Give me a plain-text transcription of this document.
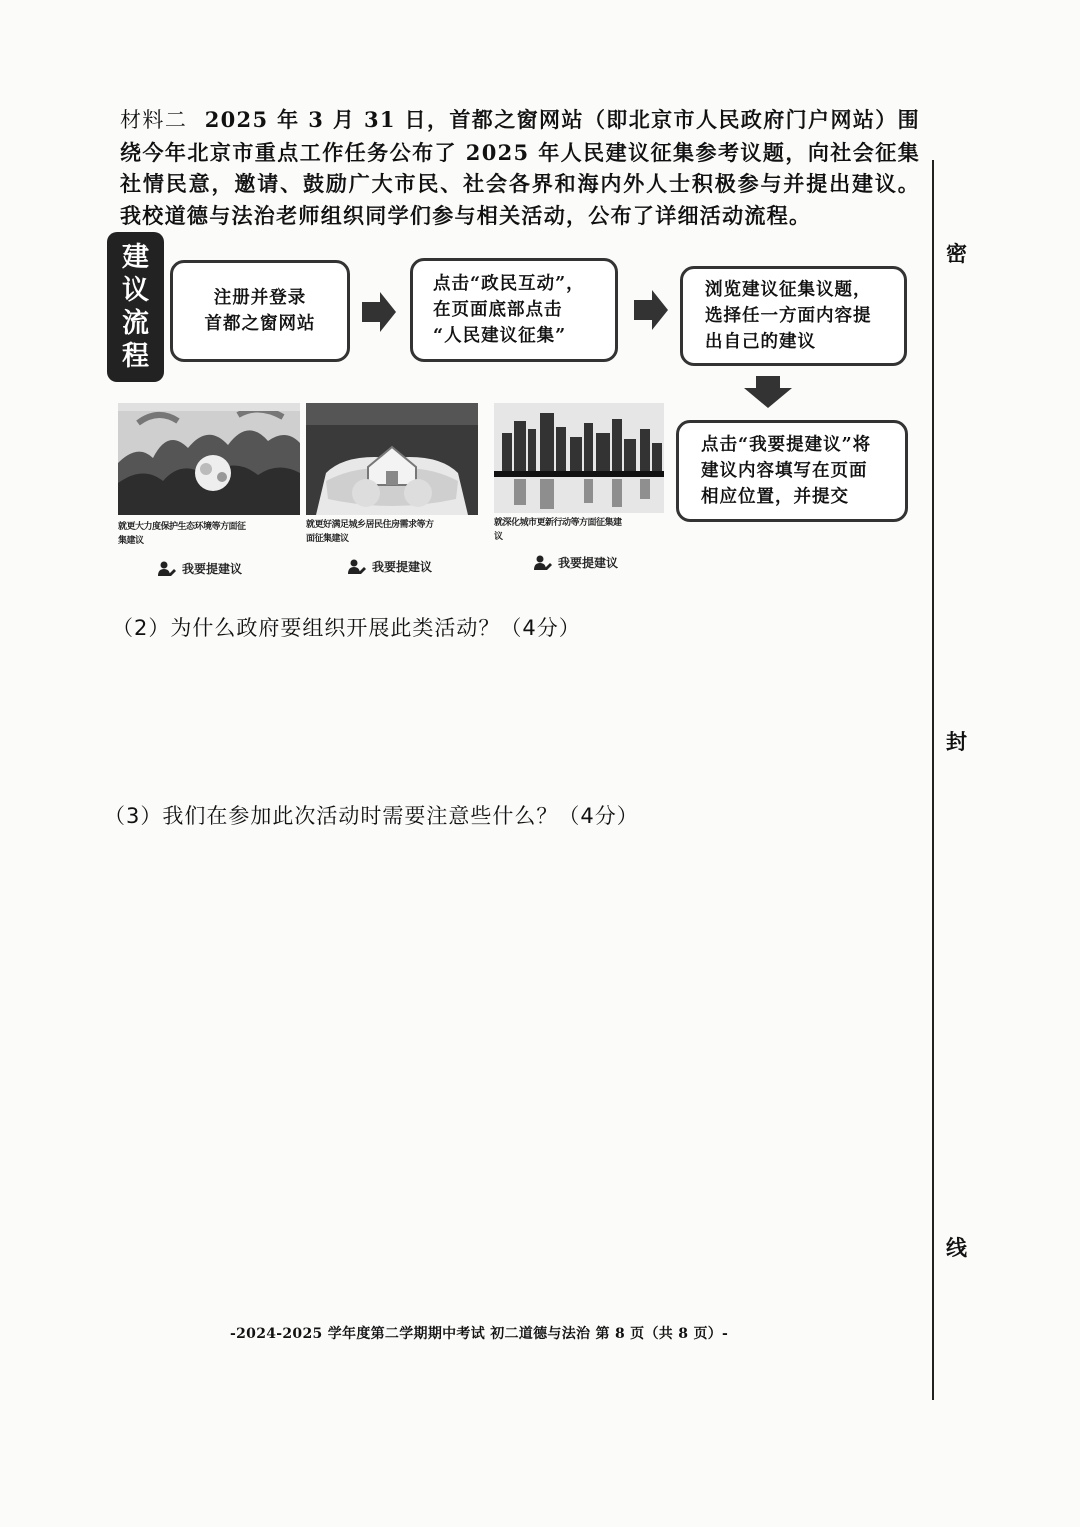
材料二 2025 年 3 月 31 日，首都之窗网站（即北京市人民政府门户网站）围绕今年北京市重点工作任务公布了 2025 年人民建议征集参考议题，向社会征集社情民意，邀请、鼓励广大市民、社会各界和海内外人士积极参与并提出建议。我校道德与法治老师组织同学们参与相关活动，公布了详细活动流程。
建
议
流
程
注册并登录
首都之窗网站
点击“政民互动”，
在页面底部点击
“人民建议征集”
浏览建议征集议题，
选择任一方面内容提
出自己的建议
点击“我要提建议”将
建议内容填写在页面
相应位置，并提交
就更大力度保护生态环境等方面征
集建议
我要提建议
就更好满足城乡居民住房需求等方
面征集建议
我要提建议
就深化城市更新行动等方面征集建
议
我要提建议
（2）为什么政府要组织开展此类活动？（4分）
（3）我们在参加此次活动时需要注意些什么？（4分）
-2024-2025 学年度第二学期期中考试 初二道德与法治 第 8 页（共 8 页）-
密
封
线
